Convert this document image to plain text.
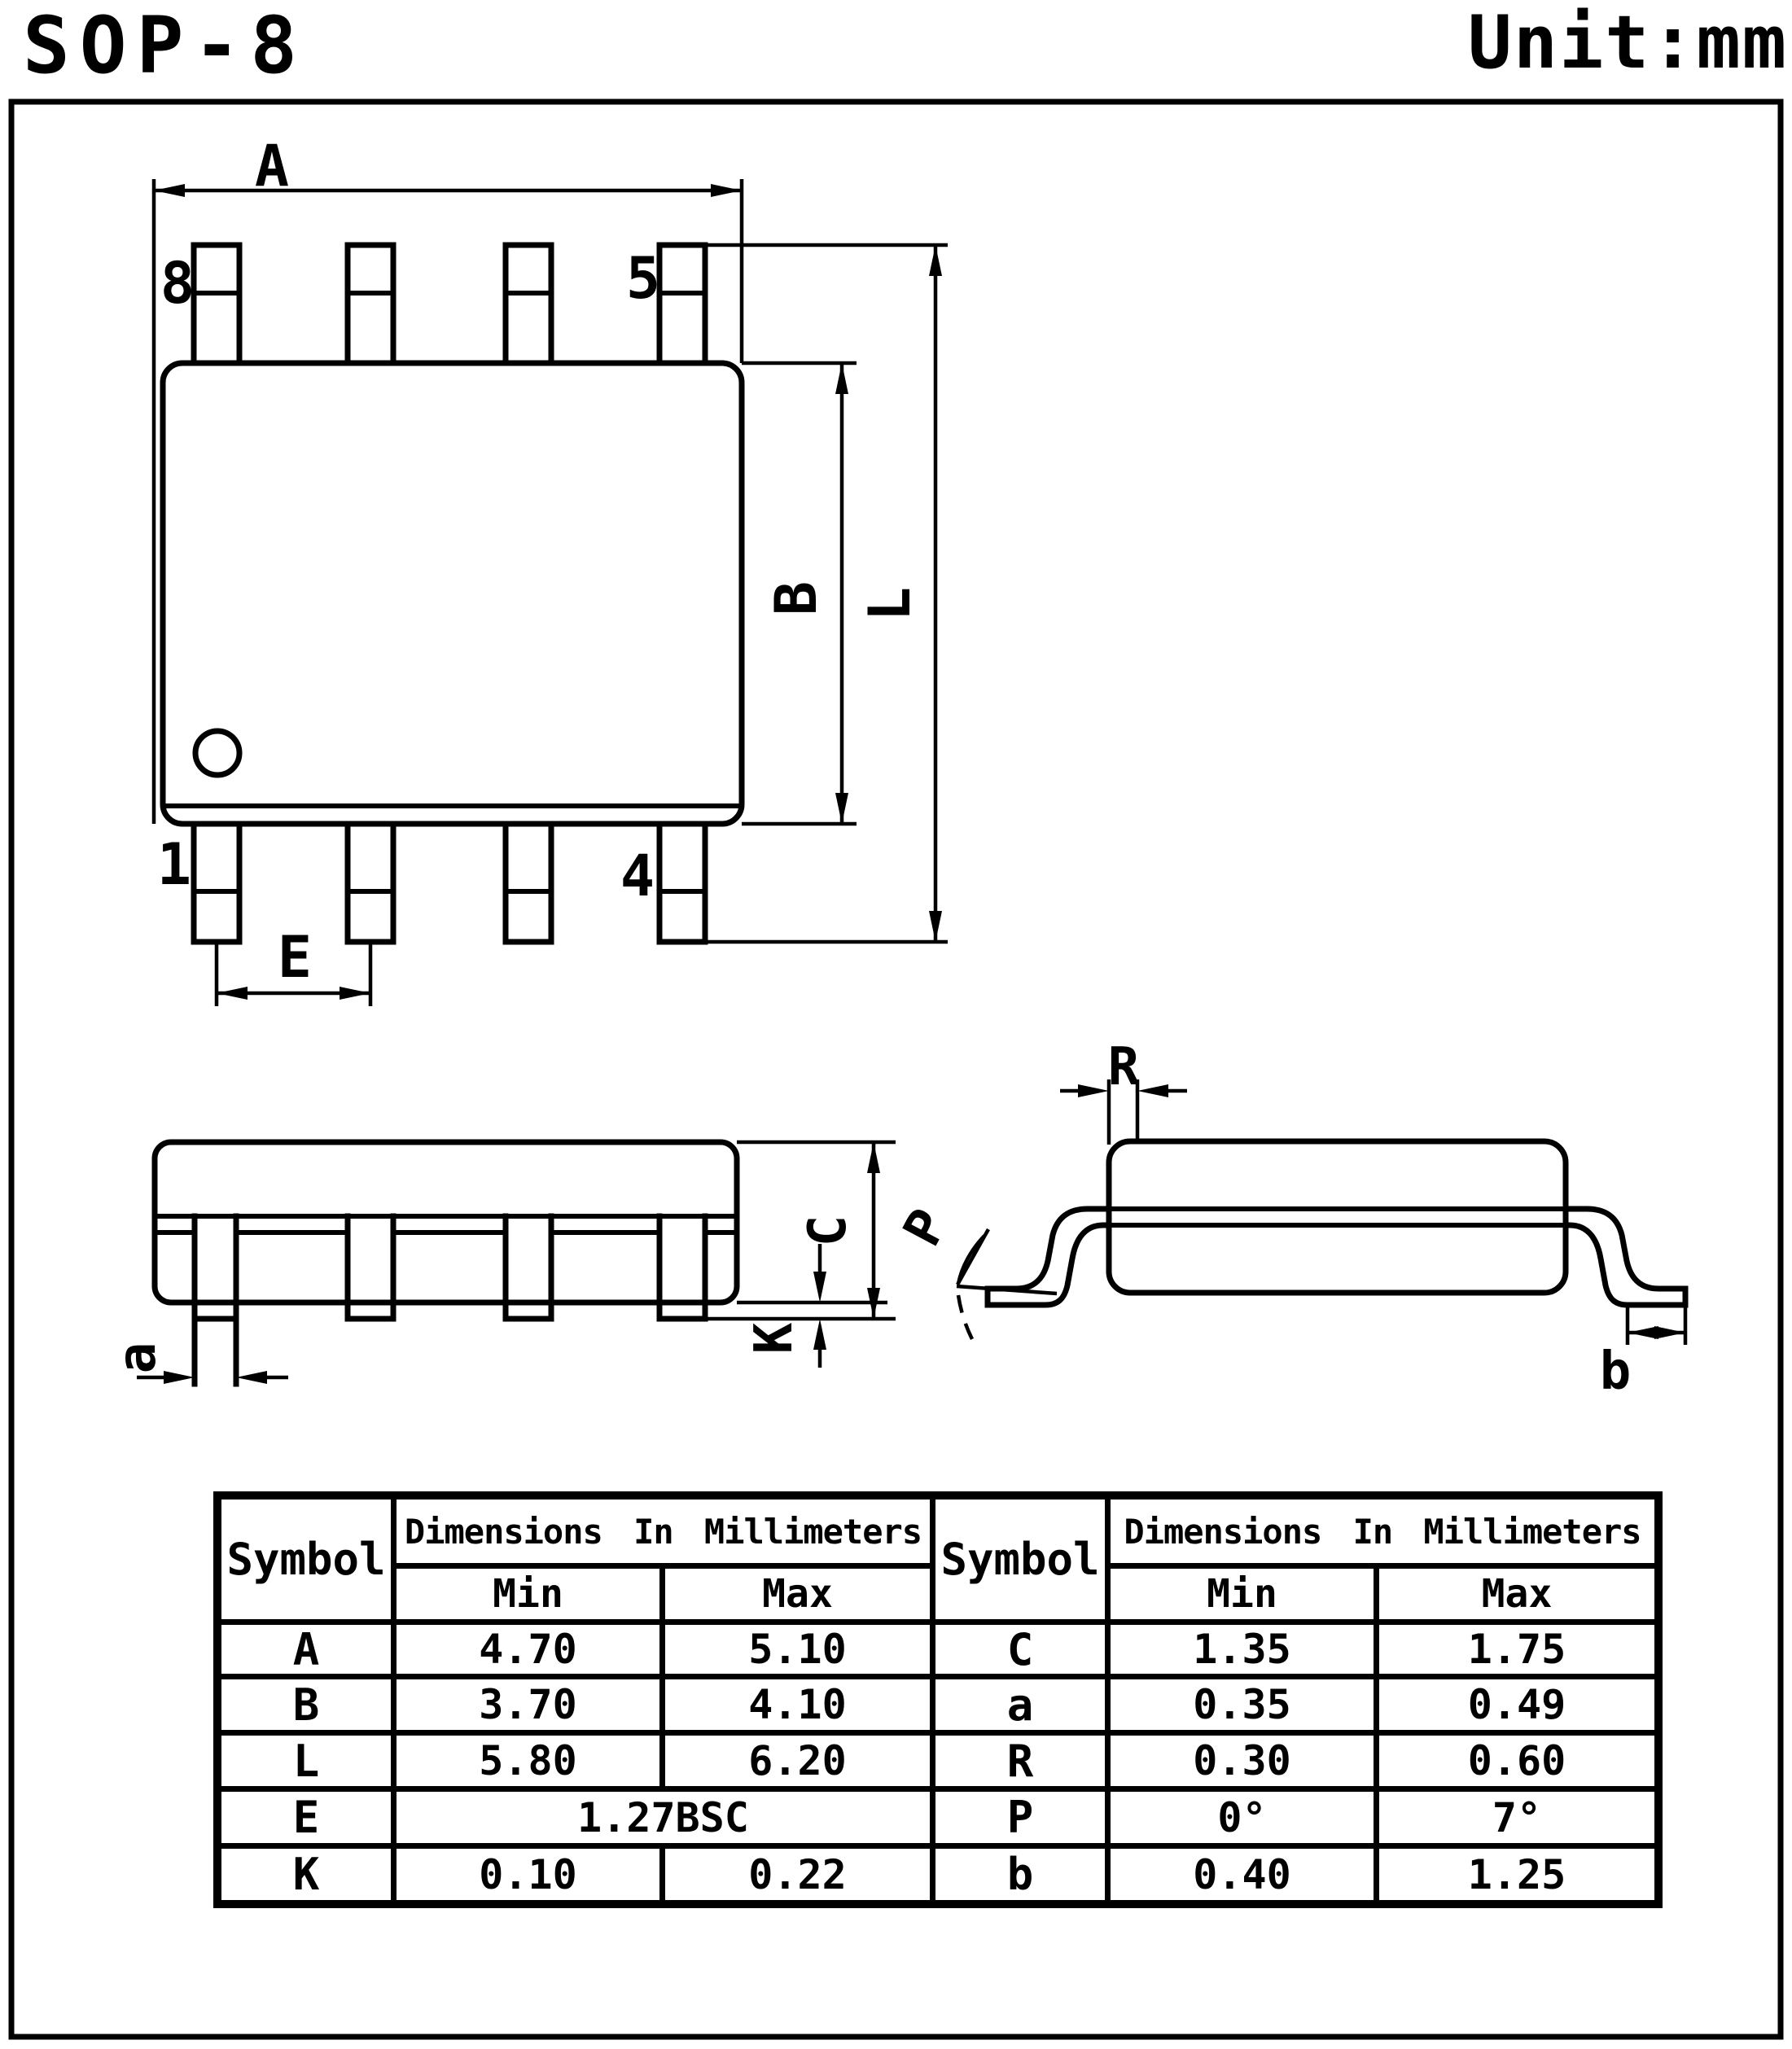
SOP-8	Unit:mm
A
B L
E
8	5
1	4
C
K
a
R
P
b
Symbol
Dimensions In Millimeters
Symbol
Dimensions In Millimeters
Min	Max	Min	Max
A	4.70	5.10	C	1.35	1.75
B	3.70	4.10	a	0.35	0.49
L	5.80	6.20	R	0.30	0.60
E	1.27BSC	P	0°	7°
K	0.10	0.22	b	0.40	1.25
